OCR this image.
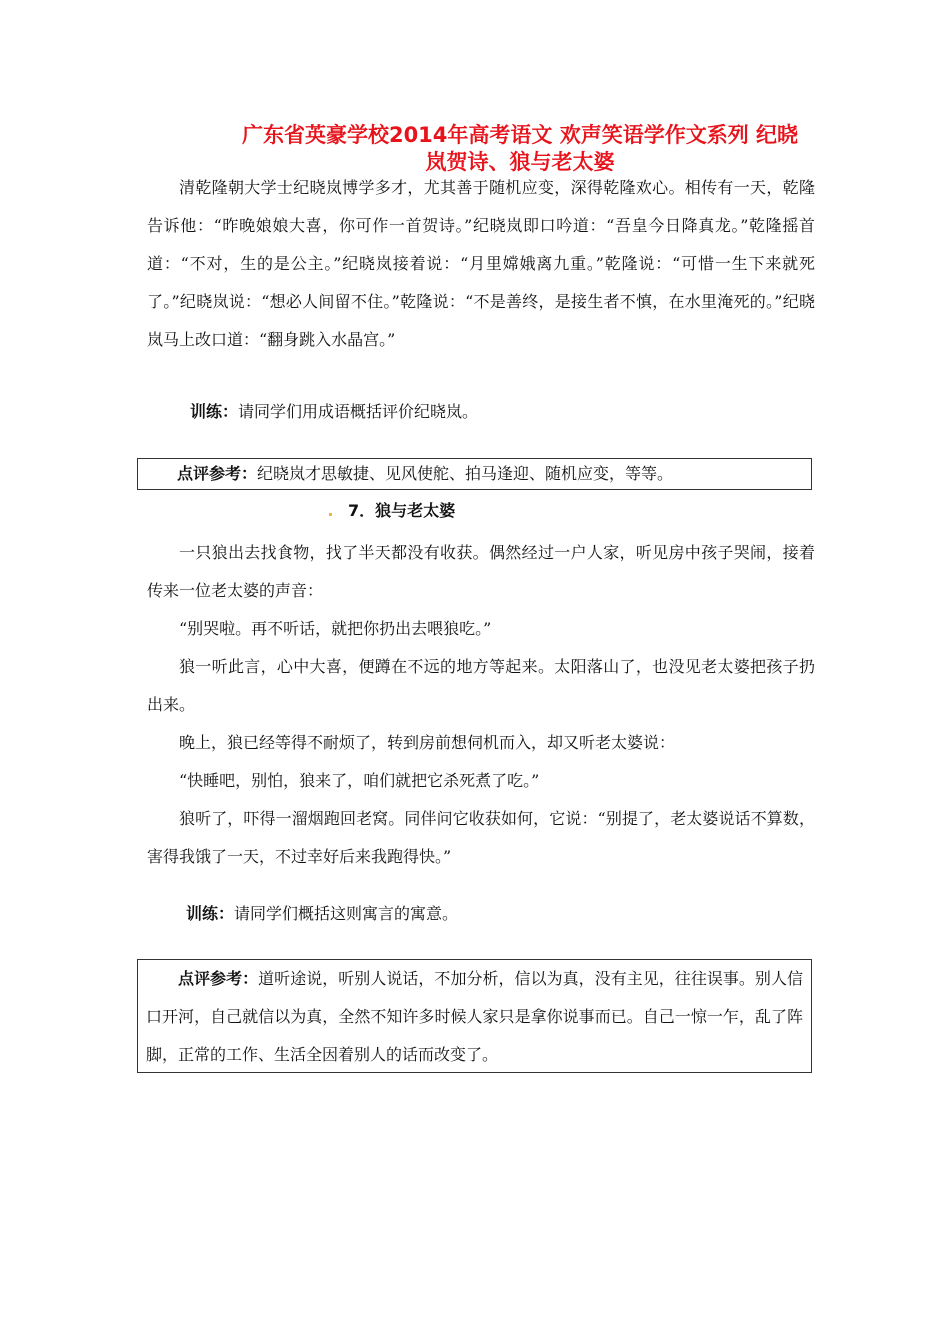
广东省英豪学校2014年高考语文 欢声笑语学作文系列 纪晓
岚贺诗、狼与老太婆
清乾隆朝大学士纪晓岚博学多才，尤其善于随机应变，深得乾隆欢心。相传有一天，乾隆告诉他：“昨晚娘娘大喜，你可作一首贺诗。”纪晓岚即口吟道：“吾皇今日降真龙。”乾隆摇首道：“不对，生的是公主。”纪晓岚接着说：“月里嫦娥离九重。”乾隆说：“可惜一生下来就死了。”纪晓岚说：“想必人间留不住。”乾隆说：“不是善终，是接生者不慎，在水里淹死的。”纪晓岚马上改口道：“翻身跳入水晶宫。”
训练：请同学们用成语概括评价纪晓岚。
点评参考：纪晓岚才思敏捷、见风使舵、拍马逢迎、随机应变，等等。
7．狼与老太婆
一只狼出去找食物，找了半天都没有收获。偶然经过一户人家，听见房中孩子哭闹，接着传来一位老太婆的声音：
“别哭啦。再不听话，就把你扔出去喂狼吃。”
狼一听此言，心中大喜，便蹲在不远的地方等起来。太阳落山了，也没见老太婆把孩子扔出来。
晚上，狼已经等得不耐烦了，转到房前想伺机而入，却又听老太婆说：
“快睡吧，别怕，狼来了，咱们就把它杀死煮了吃。”
狼听了，吓得一溜烟跑回老窝。同伴问它收获如何，它说：“别提了，老太婆说话不算数，害得我饿了一天，不过幸好后来我跑得快。”
训练：请同学们概括这则寓言的寓意。
点评参考：道听途说，听别人说话，不加分析，信以为真，没有主见，往往误事。别人信口开河，自己就信以为真，全然不知许多时候人家只是拿你说事而已。自己一惊一乍，乱了阵脚，正常的工作、生活全因着别人的话而改变了。
